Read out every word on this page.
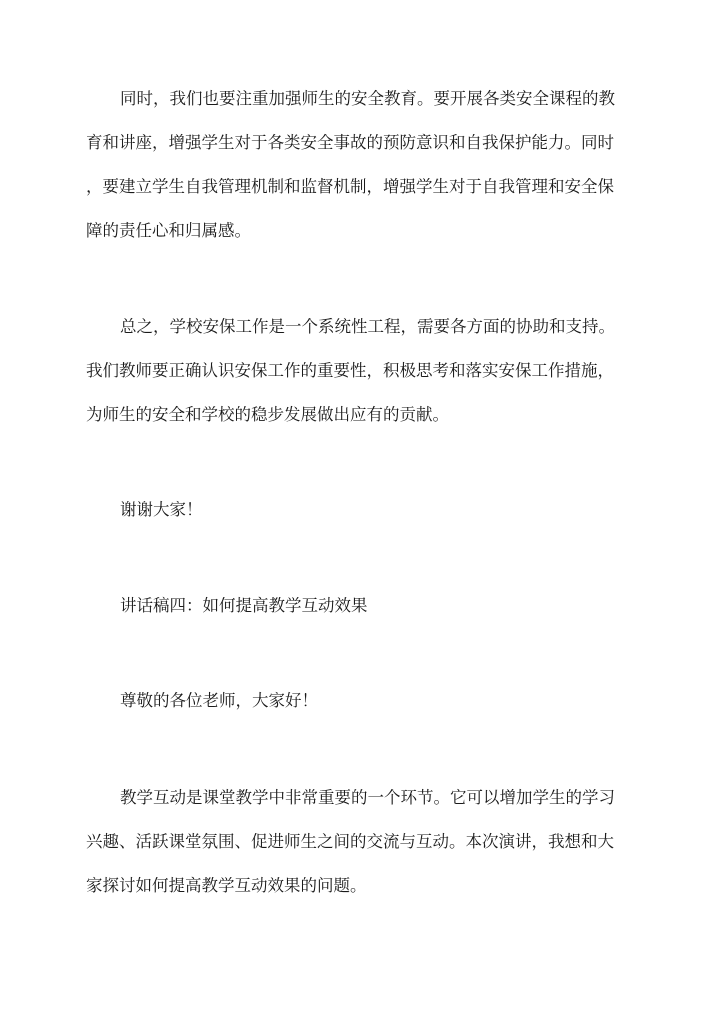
同时，我们也要注重加强师生的安全教育。要开展各类安全课程的教

育和讲座，增强学生对于各类安全事故的预防意识和自我保护能力。同时

，要建立学生自我管理机制和监督机制，增强学生对于自我管理和安全保

障的责任心和归属感。

总之，学校安保工作是一个系统性工程，需要各方面的协助和支持。

我们教师要正确认识安保工作的重要性，积极思考和落实安保工作措施，

为师生的安全和学校的稳步发展做出应有的贡献。

谢谢大家！

讲话稿四：如何提高教学互动效果

尊敬的各位老师，大家好！

教学互动是课堂教学中非常重要的一个环节。它可以增加学生的学习

兴趣、活跃课堂氛围、促进师生之间的交流与互动。本次演讲，我想和大

家探讨如何提高教学互动效果的问题。
